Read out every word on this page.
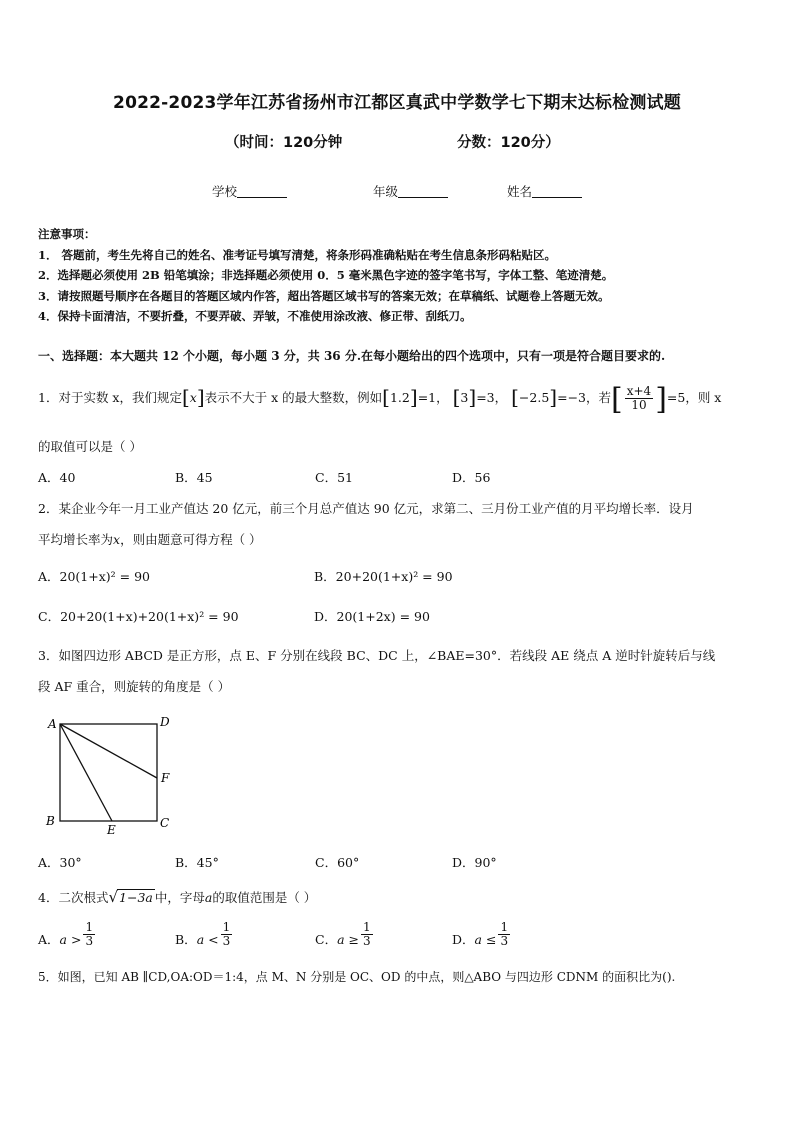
2022-2023学年江苏省扬州市江都区真武中学数学七下期末达标检测试题
（时间：120分钟	分数：120分）
学校	年级	姓名
注意事项：
1． 答题前，考生先将自己的姓名、准考证号填写清楚，将条形码准确粘贴在考生信息条形码粘贴区。
2．选择题必须使用 2B 铅笔填涂；非选择题必须使用 0．5 毫米黑色字迹的签字笔书写，字体工整、笔迹清楚。
3．请按照题号顺序在各题目的答题区域内作答，超出答题区域书写的答案无效；在草稿纸、试题卷上答题无效。
4．保持卡面清洁，不要折叠，不要弄破、弄皱，不准使用涂改液、修正带、刮纸刀。
一、选择题：本大题共 12 个小题，每小题 3 分，共 36 分.在每小题给出的四个选项中，只有一项是符合题目要求的.
1．对于实数 x，我们规定[x]表示不大于 x 的最大整数，例如[1.2]=1， [3]=3， [−2.5]=−3，若[ $\frac{x+4}{10} ]=5$，则 x
的取值可以是（ ）
A．40	B．45	C．51	D．56
2．某企业今年一月工业产值达 20 亿元，前三个月总产值达 90 亿元，求第二、三月份工业产值的月平均增长率．设月
平均增长率为x，则由题意可得方程（ ）
A．20(1+x)² = 90	B．20+20(1+x)² = 90
C．20+20(1+x)+20(1+x)² = 90	D．20(1+2x) = 90
3．如图四边形 ABCD 是正方形，点 E、F 分别在线段 BC、DC 上，∠BAE=30°．若线段 AE 绕点 A 逆时针旋转后与线
段 AF 重合，则旋转的角度是（ ）
A	D
F
B
E	C
A．30°	B．45°	C．60°	D．90°
4．二次根式√1−3a 中，字母a的取值范围是（ ）
A．$a > \frac{1}{3}$	B．$a < \frac{1}{3}$	C．$a \ge \frac{1}{3}$	D．$a \le \frac{1}{3}$
5．如图，已知 AB ∥CD,OA:OD＝1:4，点 M、N 分别是 OC、OD 的中点，则△ABO 与四边形 CDNM 的面积比为().
